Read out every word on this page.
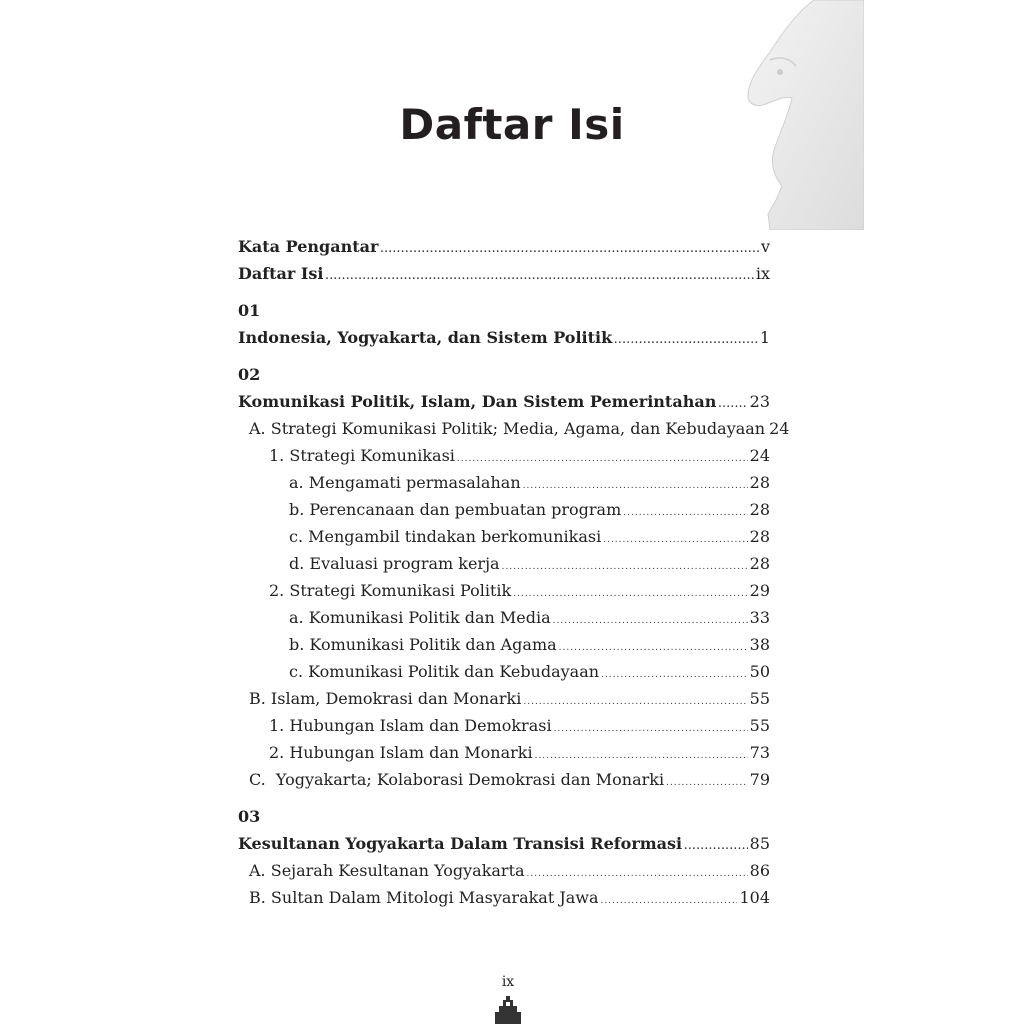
Daftar Isi
Kata Pengantar .....	v
Daftar Isi .....	ix
01
Indonesia, Yogyakarta, dan Sistem Politik .....	1
02
Komunikasi Politik, Islam, Dan Sistem Pemerintahan ..... 23
A. Strategi Komunikasi Politik; Media, Agama, dan Kebudayaan 24
1. Strategi Komunikasi .....	24
a. Mengamati permasalahan .....	28
b. Perencanaan dan pembuatan program .....	28
c. Mengambil tindakan berkomunikasi .....	28
d. Evaluasi program kerja .....	28
2. Strategi Komunikasi Politik .....	29
a. Komunikasi Politik dan Media .....	33
b. Komunikasi Politik dan Agama .....	38
c. Komunikasi Politik dan Kebudayaan .....	50
B. Islam, Demokrasi dan Monarki .....	55
1. Hubungan Islam dan Demokrasi .....	55
2. Hubungan Islam dan Monarki .....	73
C.  Yogyakarta; Kolaborasi Demokrasi dan Monarki .....	79
03
Kesultanan Yogyakarta Dalam Transisi Reformasi .....	85
A. Sejarah Kesultanan Yogyakarta .....	86
B. Sultan Dalam Mitologi Masyarakat Jawa .....	104
ix
